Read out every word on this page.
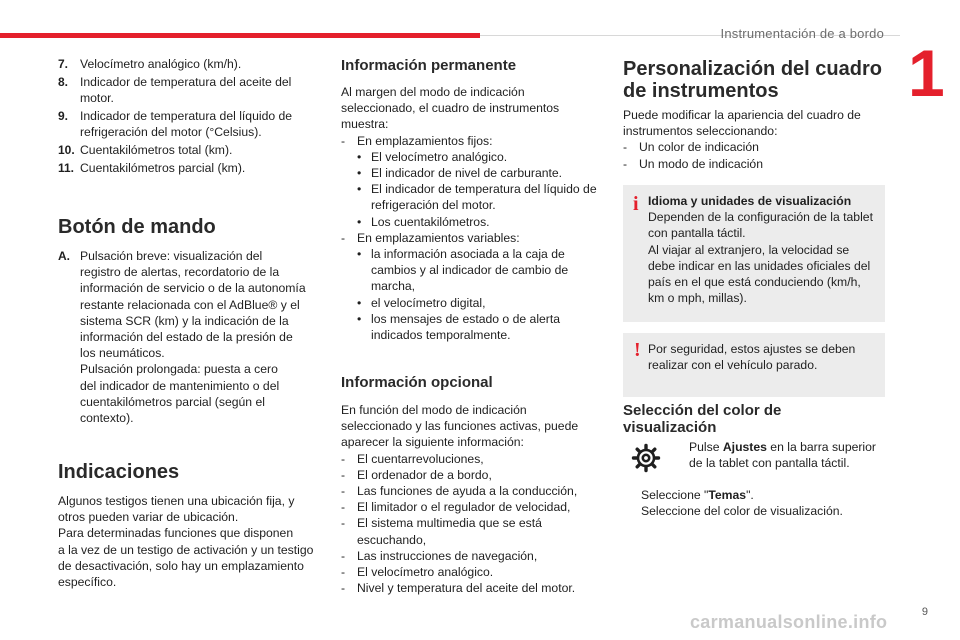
Instrumentación de a bordo
1
7. Velocímetro analógico (km/h).
8. Indicador de temperatura del aceite del motor.
9. Indicador de temperatura del líquido de refrigeración del motor (°Celsius).
10. Cuentakilómetros total (km).
11. Cuentakilómetros parcial (km).
Botón de mando
A. Pulsación breve: visualización del
registro de alertas, recordatorio de la
información de servicio o de la autonomía
restante relacionada con el AdBlue® y el
sistema SCR (km) y la indicación de la
información del estado de la presión de
los neumáticos.
Pulsación prolongada: puesta a cero
del indicador de mantenimiento o del
cuentakilómetros parcial (según el
contexto).
Indicaciones
Algunos testigos tienen una ubicación fija, y
otros pueden variar de ubicación.
Para determinadas funciones que disponen
a la vez de un testigo de activación y un testigo
de desactivación, solo hay un emplazamiento
específico.
Información permanente
Al margen del modo de indicación
seleccionado, el cuadro de instrumentos
muestra:
- En emplazamientos fijos:
• El velocímetro analógico.
• El indicador de nivel de carburante.
• El indicador de temperatura del líquido de
refrigeración del motor.
• Los cuentakilómetros.
- En emplazamientos variables:
• la información asociada a la caja de
cambios y al indicador de cambio de
marcha,
• el velocímetro digital,
• los mensajes de estado o de alerta
indicados temporalmente.
Información opcional
En función del modo de indicación
seleccionado y las funciones activas, puede
aparecer la siguiente información:
- El cuentarrevoluciones,
- El ordenador de a bordo,
- Las funciones de ayuda a la conducción,
- El limitador o el regulador de velocidad,
- El sistema multimedia que se está
escuchando,
- Las instrucciones de navegación,
- El velocímetro analógico.
- Nivel y temperatura del aceite del motor.
Personalización del cuadro
de instrumentos
Puede modificar la apariencia del cuadro de
instrumentos seleccionando:
- Un color de indicación
- Un modo de indicación
i Idioma y unidades de visualización
Dependen de la configuración de la tablet
con pantalla táctil.
Al viajar al extranjero, la velocidad se
debe indicar en las unidades oficiales del
país en el que está conduciendo (km/h,
km o mph, millas).
! Por seguridad, estos ajustes se deben
realizar con el vehículo parado.
Selección del color de
visualización
Pulse Ajustes en la barra superior
de la tablet con pantalla táctil.
Seleccione "Temas".
Seleccione del color de visualización.
9
carmanualsonline.info
